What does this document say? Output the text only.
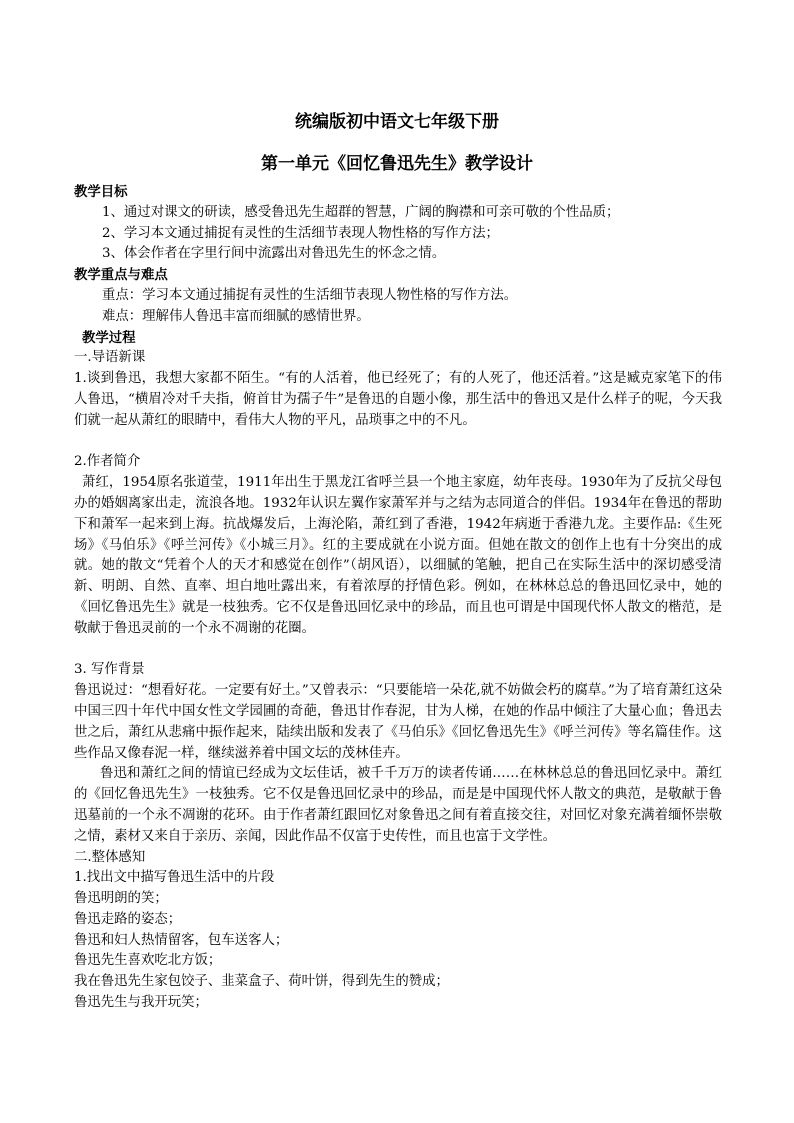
统编版初中语文七年级下册
第一单元《回忆鲁迅先生》教学设计

教学目标

1、通过对课文的研读，感受鲁迅先生超群的智慧，广阔的胸襟和可亲可敬的个性品质；

2、学习本文通过捕捉有灵性的生活细节表现人物性格的写作方法；

3、体会作者在字里行间中流露出对鲁迅先生的怀念之情。

教学重点与难点

重点：学习本文通过捕捉有灵性的生活细节表现人物性格的写作方法。

难点：理解伟人鲁迅丰富而细腻的感情世界。

教学过程

一.导语新课

1.谈到鲁迅，我想大家都不陌生。“有的人活着，他已经死了；有的人死了，他还活着。”这是臧克家笔下的伟人鲁迅，“横眉冷对千夫指，俯首甘为孺子牛”是鲁迅的自题小像，那生活中的鲁迅又是什么样子的呢，今天我们就一起从萧红的眼睛中，看伟大人物的平凡，品琐事之中的不凡。

2.作者简介

萧红，1954原名张道莹，1911年出生于黑龙江省呼兰县一个地主家庭，幼年丧母。1930年为了反抗父母包办的婚姻离家出走，流浪各地。1932年认识左翼作家萧军并与之结为志同道合的伴侣。1934年在鲁迅的帮助下和萧军一起来到上海。抗战爆发后，上海沦陷，萧红到了香港，1942年病逝于香港九龙。主要作品:《生死场》《马伯乐》《呼兰河传》《小城三月》。红的主要成就在小说方面。但她在散文的创作上也有十分突出的成就。她的散文“凭着个人的天才和感觉在创作”（胡风语），以细腻的笔触，把自己在实际生活中的深切感受清新、明朗、自然、直率、坦白地吐露出来，有着浓厚的抒情色彩。例如，在林林总总的鲁迅回忆录中，她的《回忆鲁迅先生》就是一枝独秀。它不仅是鲁迅回忆录中的珍品，而且也可谓是中国现代怀人散文的楷范，是敬献于鲁迅灵前的一个永不凋谢的花圈。

3. 写作背景

鲁迅说过：“想看好花。一定要有好土。”又曾表示：“只要能培一朵花,就不妨做会朽的腐草。”为了培育萧红这朵中国三四十年代中国女性文学园圃的奇葩，鲁迅甘作春泥，甘为人梯，在她的作品中倾注了大量心血；鲁迅去世之后，萧红从悲痛中振作起来，陆续出版和发表了《马伯乐》《回忆鲁迅先生》《呼兰河传》等名篇佳作。这些作品又像春泥一样，继续滋养着中国文坛的茂林佳卉。

鲁迅和萧红之间的情谊已经成为文坛佳话，被千千万万的读者传诵……在林林总总的鲁迅回忆录中。萧红的《回忆鲁迅先生》一枝独秀。它不仅是鲁迅回忆录中的珍品，而是是中国现代怀人散文的典范，是敬献于鲁迅墓前的一个永不凋谢的花环。由于作者萧红跟回忆对象鲁迅之间有着直接交往，对回忆对象充满着缅怀崇敬之情，素材又来自于亲历、亲闻，因此作品不仅富于史传性，而且也富于文学性。

二.整体感知

1.找出文中描写鲁迅生活中的片段

鲁迅明朗的笑；

鲁迅走路的姿态；

鲁迅和妇人热情留客，包车送客人；

鲁迅先生喜欢吃北方饭；

我在鲁迅先生家包饺子、韭菜盒子、荷叶饼，得到先生的赞成；

鲁迅先生与我开玩笑；
